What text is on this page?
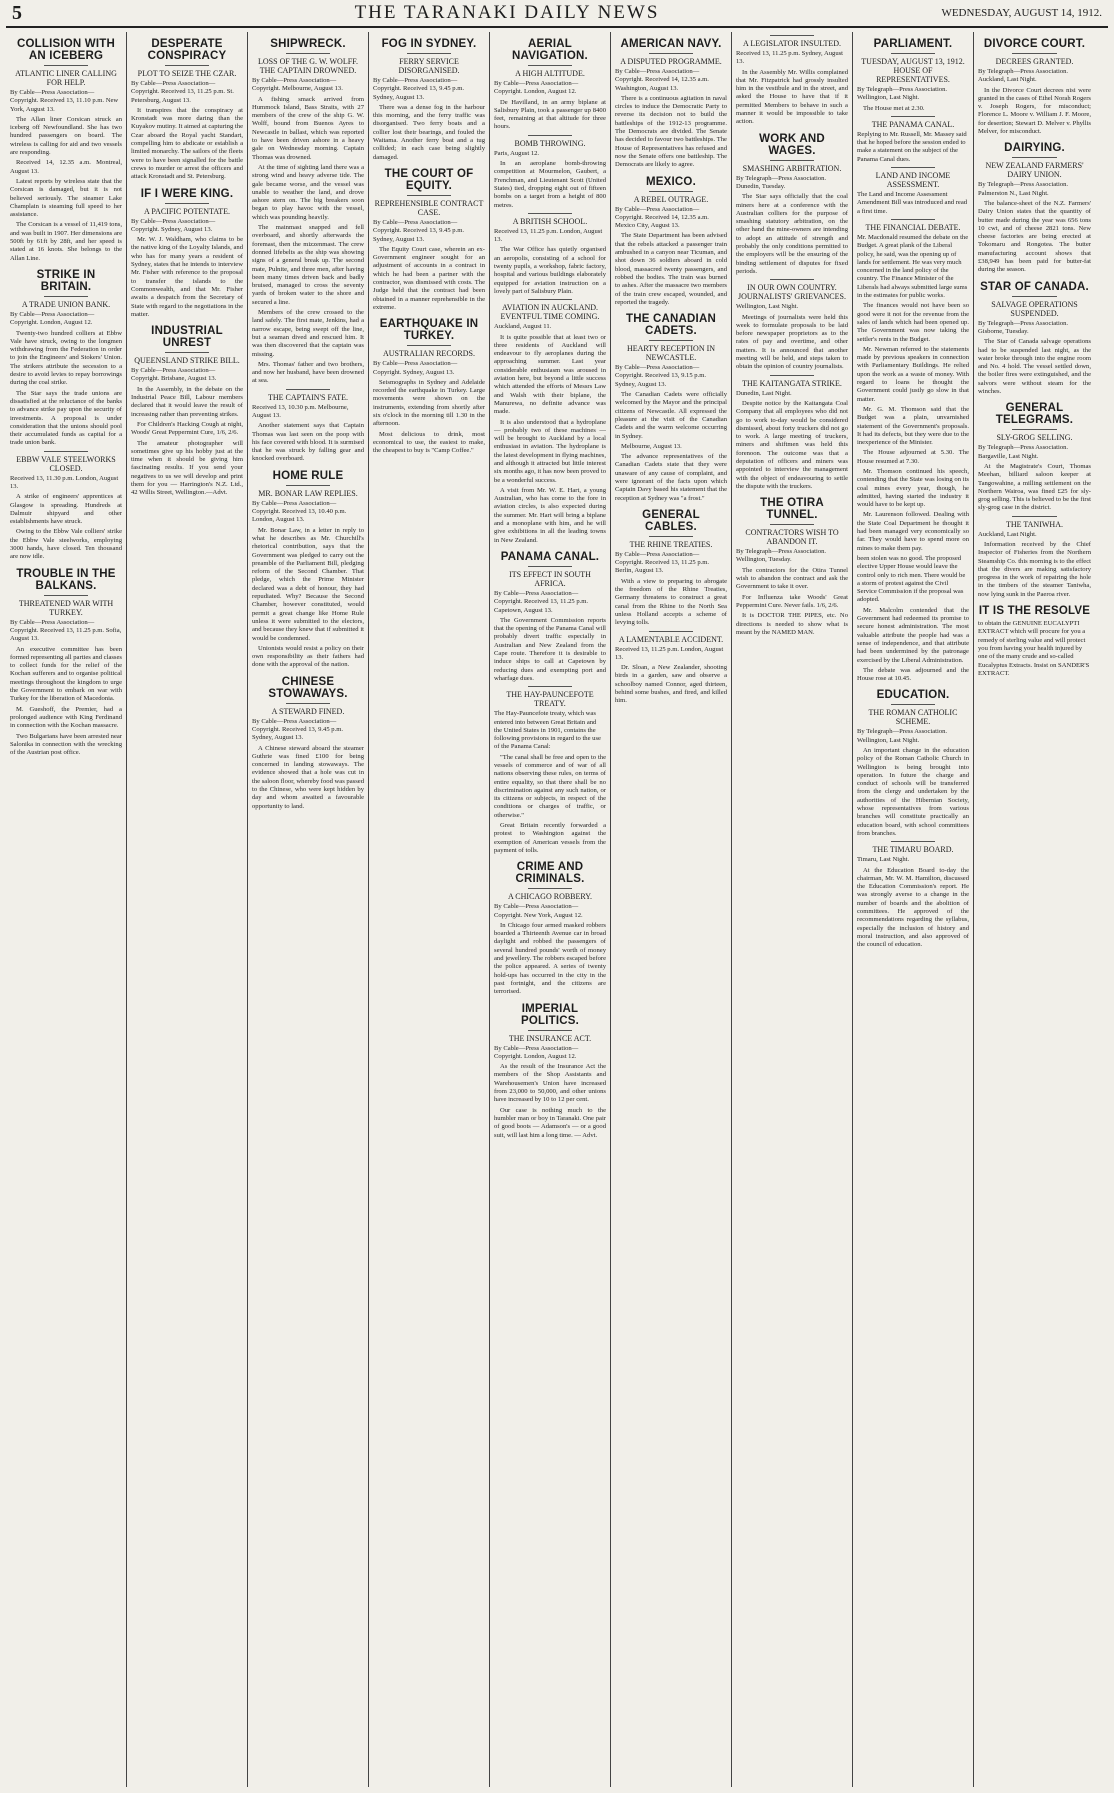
5	THE TARANAKI DAILY NEWS	WEDNESDAY, AUGUST 14, 1912.
COLLISION WITH AN ICEBERG
ATLANTIC LINER CALLING FOR HELP.

By Cable—Press Association—Copyright. Received 13, 11.10 p.m. New York, August 13.

The Allan liner Corsican struck an iceberg off Newfoundland. She has two hundred passengers on board. The wireless is calling for aid and two vessels are responding.

Received 14, 12.35 a.m. Montreal, August 13.

Latest reports by wireless state that the Corsican is damaged, but it is not believed seriously. The steamer Lake Champlain is steaming full speed to her assistance.

The Corsican is a vessel of 11,419 tons, and was built in 1907. Her dimensions are 500ft by 61ft by 28ft, and her speed is stated at 16 knots. She belongs to the Allan Line.

STRIKE IN BRITAIN.
A TRADE UNION BANK.

By Cable—Press Association—Copyright. London, August 12.

Twenty-two hundred colliers at Ebbw Vale have struck, owing to the longmen withdrawing from the Federation in order to join the Engineers' and Stokers' Union. The strikers attribute the secession to a desire to avoid levies to repay borrowings during the coal strike.

The Star says the trade unions are dissatisfied at the reluctance of the banks to advance strike pay upon the security of investments. A proposal is under consideration that the unions should pool their accumulated funds as capital for a trade union bank.

EBBW VALE STEELWORKS CLOSED.

Received 13, 11.30 p.m. London, August 13.

A strike of engineers' apprentices at Glasgow is spreading. Hundreds at Dalmuir shipyard and other establishments have struck.

Owing to the Ebbw Vale colliers' strike the Ebbw Vale steelworks, employing 3000 hands, have closed. Ten thousand are now idle.

TROUBLE IN THE BALKANS.
THREATENED WAR WITH TURKEY.

By Cable—Press Association—Copyright. Received 13, 11.25 p.m. Sofia, August 13.

An executive committee has been formed representing all parties and classes to collect funds for the relief of the Kochan sufferers and to organise political meetings throughout the kingdom to urge the Government to embark on war with Turkey for the liberation of Macedonia.

M. Gueshoff, the Premier, had a prolonged audience with King Ferdinand in connection with the Kochan massacre.

Two Bulgarians have been arrested near Salonika in connection with the wrecking of the Austrian post office.

DESPERATE CONSPIRACY
PLOT TO SEIZE THE CZAR.

By Cable—Press Association—Copyright. Received 13, 11.25 p.m. St. Petersburg, August 13.

It transpires that the conspiracy at Kronstadt was more daring than the Kuyakov mutiny. It aimed at capturing the Czar aboard the Royal yacht Standart, compelling him to abdicate or establish a limited monarchy. The sailors of the fleets were to have been signalled for the battle crews to murder or arrest the officers and attack Kronstadt and St. Petersburg.

IF I WERE KING.
A PACIFIC POTENTATE.

By Cable—Press Association—Copyright. Sydney, August 13.

Mr. W. J. Waldham, who claims to be the native king of the Loyalty Islands, and who has for many years a resident of Sydney, states that he intends to interview Mr. Fisher with reference to the proposal to transfer the islands to the Commonwealth, and that Mr. Fisher awaits a despatch from the Secretary of State with regard to the negotiations in the matter.

INDUSTRIAL UNREST
QUEENSLAND STRIKE BILL.

By Cable—Press Association—Copyright. Brisbane, August 13.

In the Assembly, in the debate on the Industrial Peace Bill, Labour members declared that it would leave the result of increasing rather than preventing strikes.

For Children's Hacking Cough at night, Woods' Great Peppermint Cure, 1/6, 2/6.

The amateur photographer will sometimes give up his hobby just at the time when it should be giving him fascinating results. If you send your negatives to us we will develop and print them for you — Harrington's N.Z. Ltd., 42 Willis Street, Wellington.—Advt.

SHIPWRECK.
LOSS OF THE G. W. WOLFF. THE CAPTAIN DROWNED.

By Cable—Press Association—Copyright. Melbourne, August 13.

A fishing smack arrived from Hummock Island, Bass Straits, with 27 members of the crew of the ship G. W. Wolff, bound from Buenos Ayres to Newcastle in ballast, which was reported to have been driven ashore in a heavy gale on Wednesday morning. Captain Thomas was drowned.

At the time of sighting land there was a strong wind and heavy adverse tide. The gale became worse, and the vessel was unable to weather the land, and drove ashore stern on. The big breakers soon began to play havoc with the vessel, which was pounding heavily.

The mainmast snapped and fell overboard, and shortly afterwards the foremast, then the mizzenmast. The crew donned lifebelts as the ship was showing signs of a general break up. The second mate, Pulnite, and three men, after having been many times driven back and badly bruised, managed to cross the seventy yards of broken water to the shore and secured a line.

Members of the crew crossed to the land safely. The first mate, Jenkins, had a narrow escape, being swept off the line, but a seaman dived and rescued him. It was then discovered that the captain was missing.

Mrs. Thomas' father and two brothers, and now her husband, have been drowned at sea.

THE CAPTAIN'S FATE.

Received 13, 10.30 p.m. Melbourne, August 13.

Another statement says that Captain Thomas was last seen on the poop with his face covered with blood. It is surmised that he was struck by falling gear and knocked overboard.

HOME RULE
MR. BONAR LAW REPLIES.

By Cable—Press Association—Copyright. Received 13, 10.40 p.m. London, August 13.

Mr. Bonar Law, in a letter in reply to what he describes as Mr. Churchill's rhetorical contribution, says that the Government was pledged to carry out the preamble of the Parliament Bill, pledging reform of the Second Chamber. That pledge, which the Prime Minister declared was a debt of honour, they had repudiated. Why? Because the Second Chamber, however constituted, would permit a great change like Home Rule unless it were submitted to the electors, and because they knew that if submitted it would be condemned.

Unionists would resist a policy on their own responsibility as their fathers had done with the approval of the nation.

CHINESE STOWAWAYS.
A STEWARD FINED.

By Cable—Press Association—Copyright. Received 13, 9.45 p.m. Sydney, August 13.

A Chinese steward aboard the steamer Guthrie was fined £100 for being concerned in landing stowaways. The evidence showed that a hole was cut in the saloon floor, whereby food was passed to the Chinese, who were kept hidden by day and whom awaited a favourable opportunity to land.

FOG IN SYDNEY.
FERRY SERVICE DISORGANISED.

By Cable—Press Association—Copyright. Received 13, 9.45 p.m. Sydney, August 13.

There was a dense fog in the harbour this morning, and the ferry traffic was disorganised. Two ferry boats and a collier lost their bearings, and fouled the Waitama. Another ferry boat and a tug collided; in each case being slightly damaged.

THE COURT OF EQUITY.
REPREHENSIBLE CONTRACT CASE.

By Cable—Press Association—Copyright. Received 13, 9.45 p.m. Sydney, August 13.

The Equity Court case, wherein an ex-Government engineer sought for an adjustment of accounts in a contract in which he had been a partner with the contractor, was dismissed with costs. The Judge held that the contract had been obtained in a manner reprehensible in the extreme.

EARTHQUAKE IN TURKEY.
AUSTRALIAN RECORDS.

By Cable—Press Association—Copyright. Sydney, August 13.

Seismographs in Sydney and Adelaide recorded the earthquake in Turkey. Large movements were shown on the instruments, extending from shortly after six o'clock in the morning till 1.30 in the afternoon.

Most delicious to drink, most economical to use, the easiest to make, the cheapest to buy is "Camp Coffee."

AERIAL NAVIGATION.
A HIGH ALTITUDE.

By Cable—Press Association—Copyright. London, August 12.

De Havilland, in an army biplane at Salisbury Plain, took a passenger up 8400 feet, remaining at that altitude for three hours.

BOMB THROWING.

Paris, August 12.

In an aeroplane bomb-throwing competition at Mourmelon, Gaubert, a Frenchman, and Lieutenant Scott (United States) tied, dropping eight out of fifteen bombs on a target from a height of 800 metres.

A BRITISH SCHOOL.

Received 13, 11.25 p.m. London, August 13.

The War Office has quietly organised an aeropolis, consisting of a school for twenty pupils, a workshop, fabric factory, hospital and various buildings elaborately equipped for aviation instruction on a lovely part of Salisbury Plain.

AVIATION IN AUCKLAND. EVENTFUL TIME COMING.

Auckland, August 11.

It is quite possible that at least two or three residents of Auckland will endeavour to fly aeroplanes during the approaching summer. Last year considerable enthusiasm was aroused in aviation here, but beyond a little success which attended the efforts of Messrs Law and Walsh with their biplane, the Manurewa, no definite advance was made.

It is also understood that a hydroplane — probably two of these machines — will be brought to Auckland by a local enthusiast in aviation. The hydroplane is the latest development in flying machines, and although it attracted but little interest six months ago, it has now been proved to be a wonderful success.

A visit from Mr. W. E. Hart, a young Australian, who has come to the fore in aviation circles, is also expected during the summer. Mr. Hart will bring a biplane and a monoplane with him, and he will give exhibitions in all the leading towns in New Zealand.

PANAMA CANAL.
ITS EFFECT IN SOUTH AFRICA.

By Cable—Press Association—Copyright. Received 13, 11.25 p.m. Capetown, August 13.

The Government Commission reports that the opening of the Panama Canal will probably divert traffic especially in Australian and New Zealand from the Cape route. Therefore it is desirable to induce ships to call at Capetown by reducing dues and exempting port and wharfage dues.

THE HAY-PAUNCEFOTE TREATY.

The Hay-Pauncefote treaty, which was entered into between Great Britain and the United States in 1901, contains the following provisions in regard to the use of the Panama Canal:

"The canal shall be free and open to the vessels of commerce and of war of all nations observing these rules, on terms of entire equality, so that there shall be no discrimination against any such nation, or its citizens or subjects, in respect of the conditions or charges of traffic, or otherwise."

Great Britain recently forwarded a protest to Washington against the exemption of American vessels from the payment of tolls.

CRIME AND CRIMINALS.
A CHICAGO ROBBERY.

By Cable—Press Association—Copyright. New York, August 12.

In Chicago four armed masked robbers boarded a Thirteenth Avenue car in broad daylight and robbed the passengers of several hundred pounds' worth of money and jewellery. The robbers escaped before the police appeared. A series of twenty hold-ups has occurred in the city in the past fortnight, and the citizens are terrorised.

IMPERIAL POLITICS.
THE INSURANCE ACT.

By Cable—Press Association—Copyright. London, August 12.

As the result of the Insurance Act the members of the Shop Assistants and Warehousemen's Union have increased from 23,000 to 50,000, and other unions have increased by 10 to 12 per cent.

Our case is nothing much to the humbler man or boy in Taranaki. One pair of good boots — Adamson's — or a good suit, will last him a long time. — Advt.

AMERICAN NAVY.
A DISPUTED PROGRAMME.

By Cable—Press Association—Copyright. Received 14, 12.35 a.m. Washington, August 13.

There is a continuous agitation in naval circles to induce the Democratic Party to reverse its decision not to build the battleships of the 1912-13 programme. The Democrats are divided. The Senate has decided to favour two battleships. The House of Representatives has refused and now the Senate offers one battleship. The Democrats are likely to agree.

MEXICO.
A REBEL OUTRAGE.

By Cable—Press Association—Copyright. Received 14, 12.35 a.m. Mexico City, August 13.

The State Department has been advised that the rebels attacked a passenger train ambushed in a canyon near Ticuman, and shot down 36 soldiers aboard in cold blood, massacred twenty passengers, and robbed the bodies. The train was burned to ashes. After the massacre two members of the train crew escaped, wounded, and reported the tragedy.

THE CANADIAN CADETS.
HEARTY RECEPTION IN NEWCASTLE.

By Cable—Press Association—Copyright. Received 13, 9.15 p.m. Sydney, August 13.

The Canadian Cadets were officially welcomed by the Mayor and the principal citizens of Newcastle. All expressed the pleasure at the visit of the Canadian Cadets and the warm welcome occurring in Sydney.

Melbourne, August 13.

The advance representatives of the Canadian Cadets state that they were unaware of any cause of complaint, and were ignorant of the facts upon which Captain Davy based his statement that the reception at Sydney was "a frost."

GENERAL CABLES.
THE RHINE TREATIES.

By Cable—Press Association—Copyright. Received 13, 11.25 p.m. Berlin, August 13.

With a view to preparing to abrogate the freedom of the Rhine Treaties, Germany threatens to construct a great canal from the Rhine to the North Sea unless Holland accepts a scheme of levying tolls.

A LAMENTABLE ACCIDENT.

Received 13, 11.25 p.m. London, August 13.

Dr. Sloan, a New Zealander, shooting birds in a garden, saw and observe a schoolboy named Connor, aged thirteen, behind some bushes, and fired, and killed him.

A LEGISLATOR INSULTED.

Received 13, 11.25 p.m. Sydney, August 13.

In the Assembly Mr. Willis complained that Mr. Fitzpatrick had grossly insulted him in the vestibule and in the street, and asked the House to have that if it permitted Members to behave in such a manner it would be impossible to take action.

WORK AND WAGES.
SMASHING ARBITRATION.

By Telegraph—Press Association. Dunedin, Tuesday.

The Star says officially that the coal miners here at a conference with the Australian colliers for the purpose of smashing statutory arbitration, on the other hand the mine-owners are intending to adopt an attitude of strength and probably the only conditions permitted to the employers will be the ensuring of the binding settlement of disputes for fixed periods.

IN OUR OWN COUNTRY. JOURNALISTS' GRIEVANCES.

Wellington, Last Night.

Meetings of journalists were held this week to formulate proposals to be laid before newspaper proprietors as to the rates of pay and overtime, and other matters. It is announced that another meeting will be held, and steps taken to obtain the opinion of country journalists.

THE KAITANGATA STRIKE.

Dunedin, Last Night.

Despite notice by the Kaitangata Coal Company that all employees who did not go to work to-day would be considered dismissed, about forty truckers did not go to work. A large meeting of truckers, miners and shiftmen was held this forenoon. The outcome was that a deputation of officers and miners was appointed to interview the management with the object of endeavouring to settle the dispute with the truckers.

THE OTIRA TUNNEL.
CONTRACTORS WISH TO ABANDON IT.

By Telegraph—Press Association. Wellington, Tuesday.

The contractors for the Otira Tunnel wish to abandon the contract and ask the Government to take it over.

For Influenza take Woods' Great Peppermint Cure. Never fails. 1/6, 2/6.

It is DOCTOR THE PIPES, etc. No directions is needed to show what is meant by the NAMED MAN.

PARLIAMENT.
TUESDAY, AUGUST 13, 1912. HOUSE OF REPRESENTATIVES.

By Telegraph—Press Association. Wellington, Last Night.

The House met at 2.30.

THE PANAMA CANAL.

Replying to Mr. Russell, Mr. Massey said that he hoped before the session ended to make a statement on the subject of the Panama Canal dues.

LAND AND INCOME ASSESSMENT.

The Land and Income Assessment Amendment Bill was introduced and read a first time.

THE FINANCIAL DEBATE.

Mr. Macdonald resumed the debate on the Budget. A great plank of the Liberal policy, he said, was the opening up of lands for settlement. He was very much concerned in the land policy of the country. The Finance Minister of the Liberals had always submitted large sums in the estimates for public works.

The finances would not have been so good were it not for the revenue from the sales of lands which had been opened up. The Government was now taking the settler's rents in the Budget.

Mr. Newman referred to the statements made by previous speakers in connection with Parliamentary Buildings. He relied upon the work as a waste of money. With regard to loans he thought the Government could justly go slow in that matter.

Mr. G. M. Thomson said that the Budget was a plain, unvarnished statement of the Government's proposals. It had its defects, but they were due to the inexperience of the Minister.

The House adjourned at 5.30. The House resumed at 7.30.

Mr. Thomson continued his speech, contending that the State was losing on its coal mines every year, though, he admitted, having started the industry it would have to be kept up.

Mr. Laurenson followed. Dealing with the State Coal Department he thought it had been managed very economically so far. They would have to spend more on mines to make them pay.

been stolen was no good. The proposed elective Upper House would leave the control only to rich men. There would be a storm of protest against the Civil Service Commission if the proposal was adopted.

Mr. Malcolm contended that the Government had redeemed its promise to secure honest administration. The most valuable attribute the people had was a sense of independence, and that attribute had been undermined by the patronage exercised by the Liberal Administration.

The debate was adjourned and the House rose at 10.45.

EDUCATION.
THE ROMAN CATHOLIC SCHEME.

By Telegraph—Press Association. Wellington, Last Night.

An important change in the education policy of the Roman Catholic Church in Wellington is being brought into operation. In future the charge and conduct of schools will be transferred from the clergy and undertaken by the authorities of the Hibernian Society, whose representatives from various branches will constitute practically an education board, with school committees from branches.

THE TIMARU BOARD.

Timaru, Last Night.

At the Education Board to-day the chairman, Mr. W. M. Hamilton, discussed the Education Commission's report. He was strongly averse to a change in the number of boards and the abolition of committees. He approved of the recommendations regarding the syllabus, especially the inclusion of history and moral instruction, and also approved of the council of education.

DIVORCE COURT.
DECREES GRANTED.

By Telegraph—Press Association. Auckland, Last Night.

In the Divorce Court decrees nisi were granted in the cases of Ethel Norah Rogers v. Joseph Rogers, for misconduct; Florence L. Moore v. William J. F. Moore, for desertion; Stewart D. Melver v. Phyllis Melver, for misconduct.

DAIRYING.
NEW ZEALAND FARMERS' DAIRY UNION.

By Telegraph—Press Association. Palmerston N., Last Night.

The balance-sheet of the N.Z. Farmers' Dairy Union states that the quantity of butter made during the year was 656 tons 10 cwt, and of cheese 2821 tons. New cheese factories are being erected at Tokomaru and Rongotea. The butter manufacturing account shows that £38,949 has been paid for butter-fat during the season.

STAR OF CANADA.
SALVAGE OPERATIONS SUSPENDED.

By Telegraph—Press Association. Gisborne, Tuesday.

The Star of Canada salvage operations had to be suspended last night, as the water broke through into the engine room and No. 4 hold. The vessel settled down, the boiler fires were extinguished, and the salvors were without steam for the winches.

GENERAL TELEGRAMS.
SLY-GROG SELLING.

By Telegraph—Press Association. Bargaville, Last Night.

At the Magistrate's Court, Thomas Meehan, billiard saloon keeper at Tangowahine, a milling settlement on the Northern Wairoa, was fined £25 for sly-grog selling. This is believed to be the first sly-grog case in the district.

THE TANIWHA.

Auckland, Last Night.

Information received by the Chief Inspector of Fisheries from the Northern Steamship Co. this morning is to the effect that the divers are making satisfactory progress in the work of repairing the hole in the timbers of the steamer Taniwha, now lying sunk in the Paeroa river.

IT IS THE RESOLVE

to obtain the GENUINE EUCALYPTI EXTRACT which will procure for you a remedy of sterling value and will protect you from having your health injured by one of the many crude and so-called Eucalyptus Extracts. Insist on SANDER'S EXTRACT.
